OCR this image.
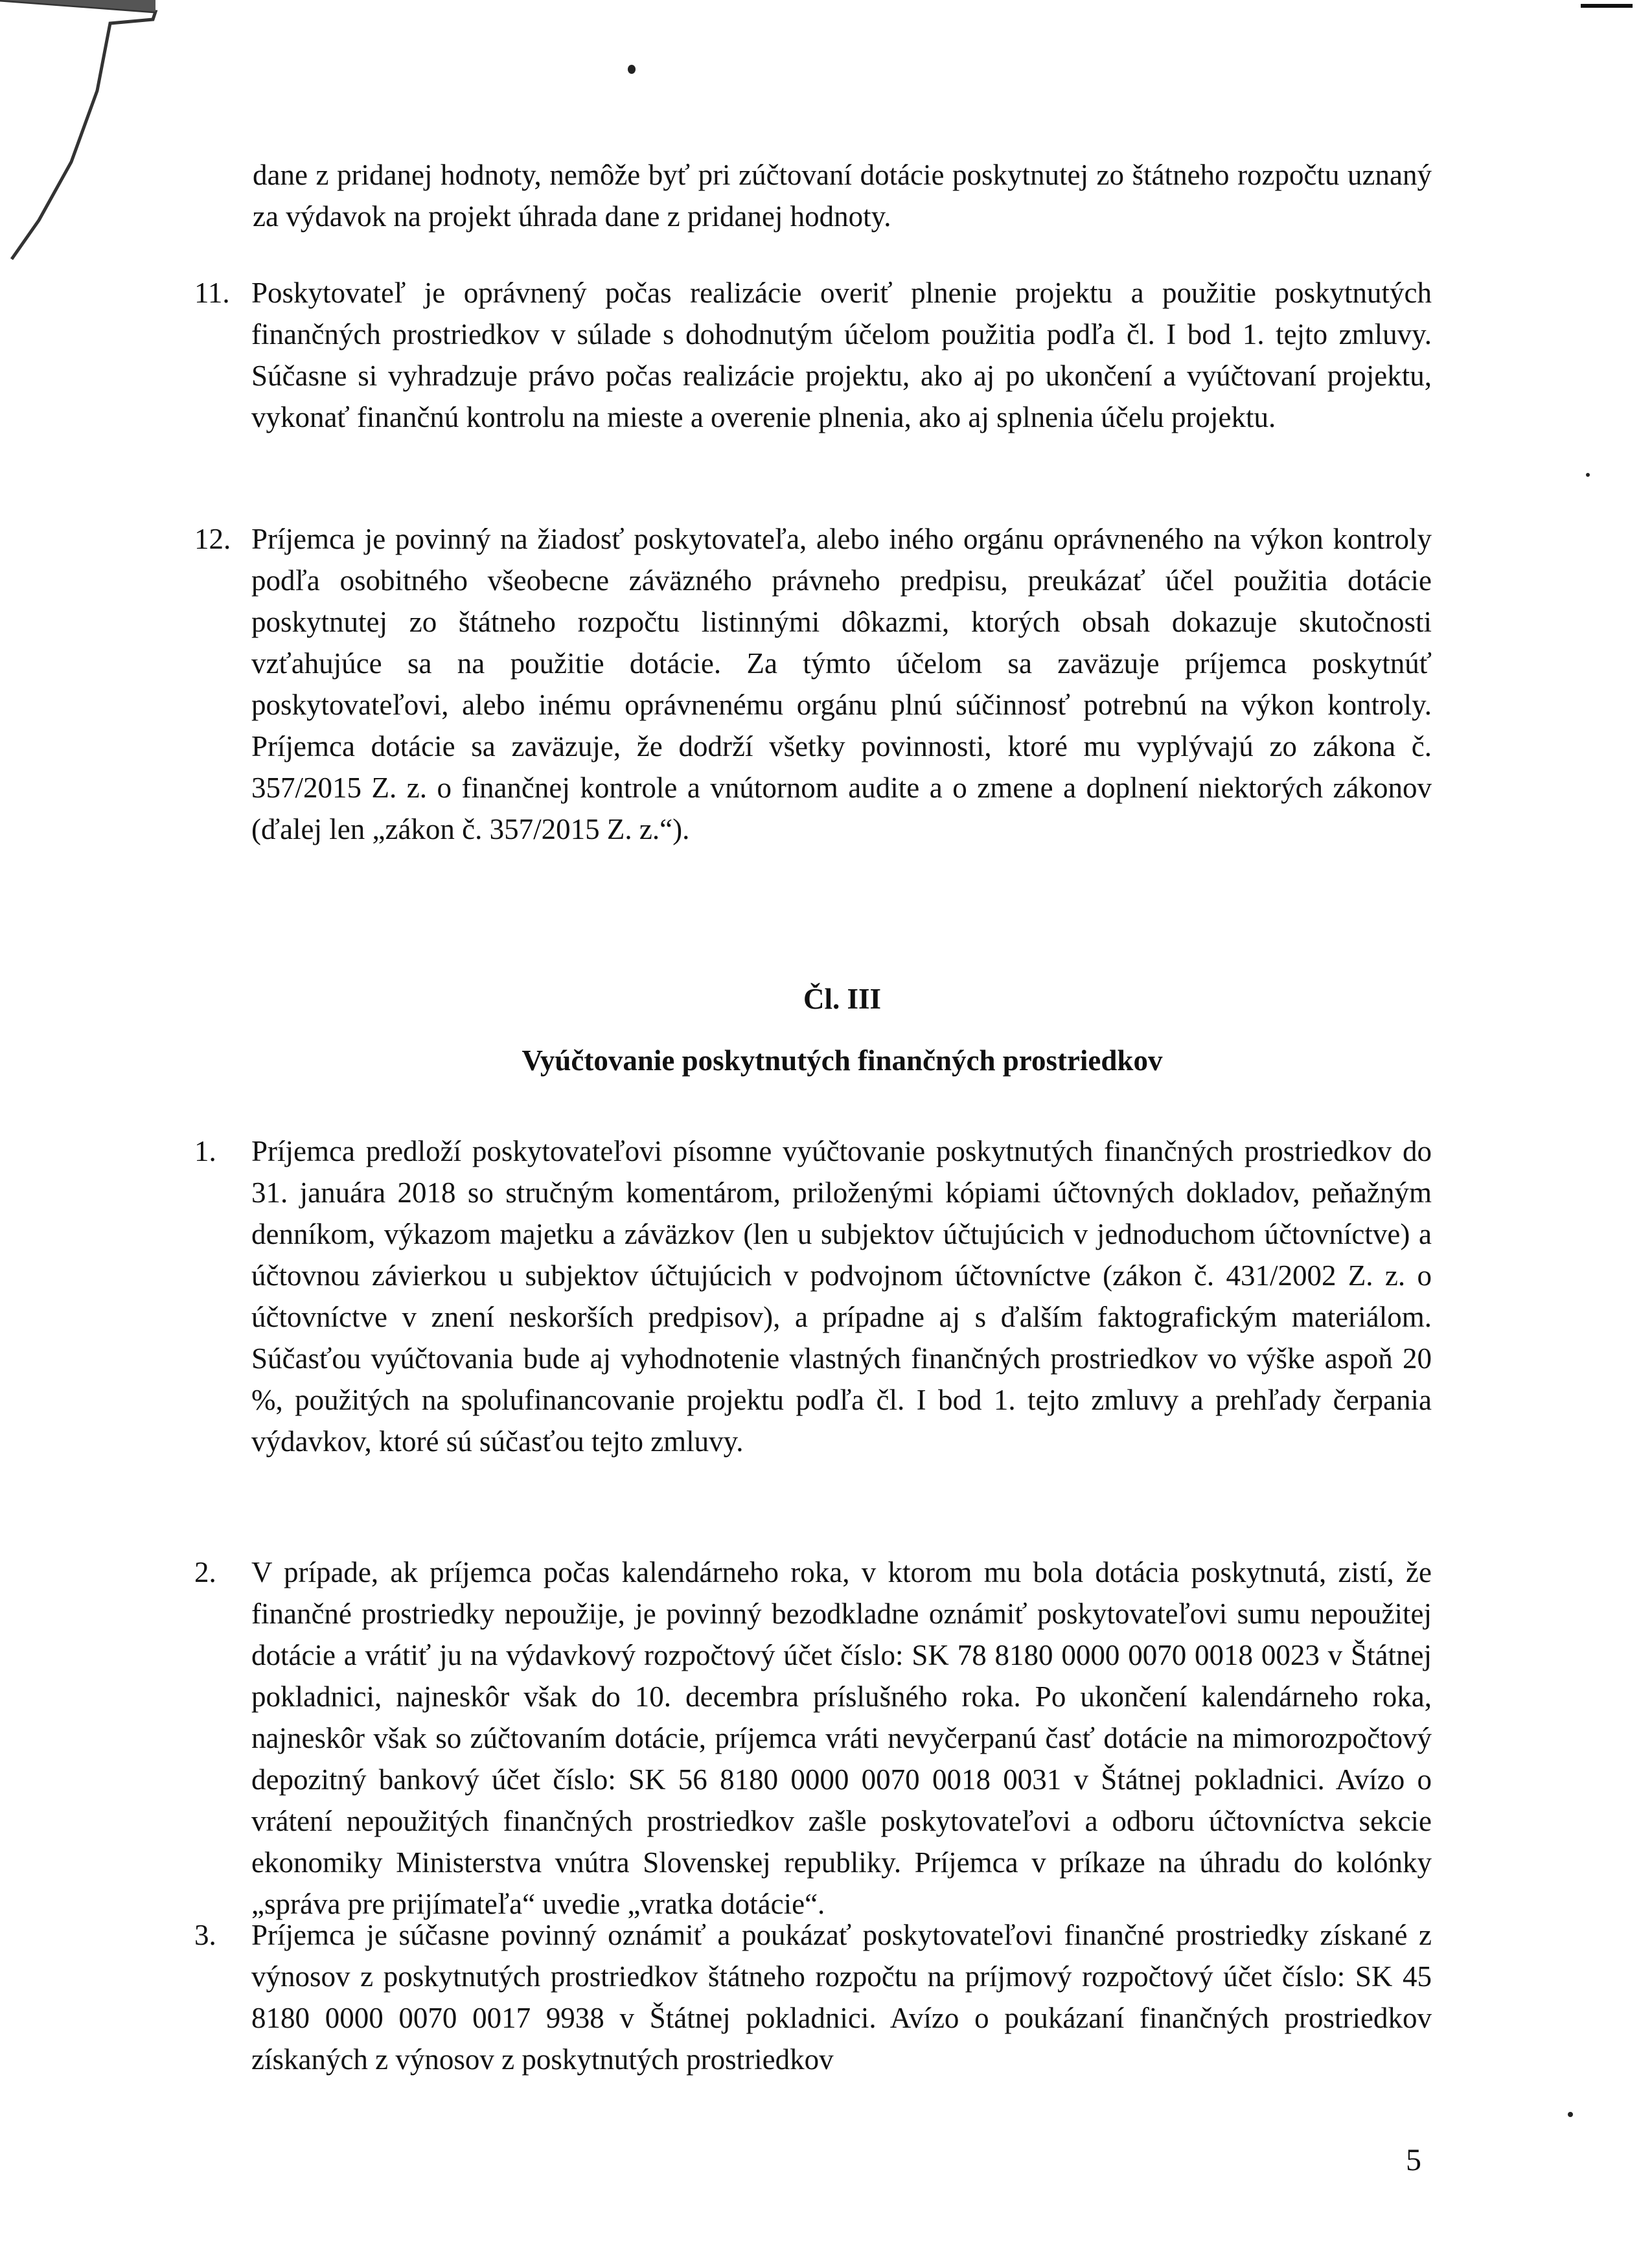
dane z pridanej hodnoty, nemôže byť pri zúčtovaní dotácie poskytnutej zo štátneho rozpočtu uznaný za výdavok na projekt úhrada dane z pridanej hodnoty.
11. Poskytovateľ je oprávnený počas realizácie overiť plnenie projektu a použitie poskytnutých finančných prostriedkov v súlade s dohodnutým účelom použitia podľa čl. I bod 1. tejto zmluvy. Súčasne si vyhradzuje právo počas realizácie projektu, ako aj po ukončení a vyúčtovaní projektu, vykonať finančnú kontrolu na mieste a overenie plnenia, ako aj splnenia účelu projektu.
12. Príjemca je povinný na žiadosť poskytovateľa, alebo iného orgánu oprávneného na výkon kontroly podľa osobitného všeobecne záväzného právneho predpisu, preukázať účel použitia dotácie poskytnutej zo štátneho rozpočtu listinnými dôkazmi, ktorých obsah dokazuje skutočnosti vzťahujúce sa na použitie dotácie. Za týmto účelom sa zaväzuje príjemca poskytnúť poskytovateľovi, alebo inému oprávnenému orgánu plnú súčinnosť potrebnú na výkon kontroly. Príjemca dotácie sa zaväzuje, že dodrží všetky povinnosti, ktoré mu vyplývajú zo zákona č. 357/2015 Z. z. o finančnej kontrole a vnútornom audite a o zmene a doplnení niektorých zákonov (ďalej len „zákon č. 357/2015 Z. z.“).
Čl. III
Vyúčtovanie poskytnutých finančných prostriedkov
1.	Príjemca predloží poskytovateľovi písomne vyúčtovanie poskytnutých finančných prostriedkov do 31. januára 2018 so stručným komentárom, priloženými kópiami účtovných dokladov, peňažným denníkom, výkazom majetku a záväzkov (len u subjektov účtujúcich v jednoduchom účtovníctve) a účtovnou závierkou u subjektov účtujúcich v podvojnom účtovníctve (zákon č. 431/2002 Z. z. o účtovníctve v znení neskorších predpisov), a prípadne aj s ďalším faktografickým materiálom. Súčasťou vyúčtovania bude aj vyhodnotenie vlastných finančných prostriedkov vo výške aspoň 20 %, použitých na spolufinancovanie projektu podľa čl. I bod 1. tejto zmluvy a prehľady čerpania výdavkov, ktoré sú súčasťou tejto zmluvy.
2.	V prípade, ak príjemca počas kalendárneho roka, v ktorom mu bola dotácia poskytnutá, zistí, že finančné prostriedky nepoužije, je povinný bezodkladne oznámiť poskytovateľovi sumu nepoužitej dotácie a vrátiť ju na výdavkový rozpočtový účet číslo: SK 78 8180 0000 0070 0018 0023 v Štátnej pokladnici, najneskôr však do 10. decembra príslušného roka. Po ukončení kalendárneho roka, najneskôr však so zúčtovaním dotácie, príjemca vráti nevyčerpanú časť dotácie na mimorozpočtový depozitný bankový účet číslo: SK 56 8180 0000 0070 0018 0031 v Štátnej pokladnici. Avízo o vrátení nepoužitých finančných prostriedkov zašle poskytovateľovi a odboru účtovníctva sekcie ekonomiky Ministerstva vnútra Slovenskej republiky. Príjemca v príkaze na úhradu do kolónky „správa pre prijímateľa“ uvedie „vratka dotácie“.
3.	Príjemca je súčasne povinný oznámiť a poukázať poskytovateľovi finančné prostriedky získané z výnosov z poskytnutých prostriedkov štátneho rozpočtu na príjmový rozpočtový účet číslo: SK 45 8180 0000 0070 0017 9938 v Štátnej pokladnici. Avízo o poukázaní finančných prostriedkov získaných z výnosov z poskytnutých prostriedkov
5
